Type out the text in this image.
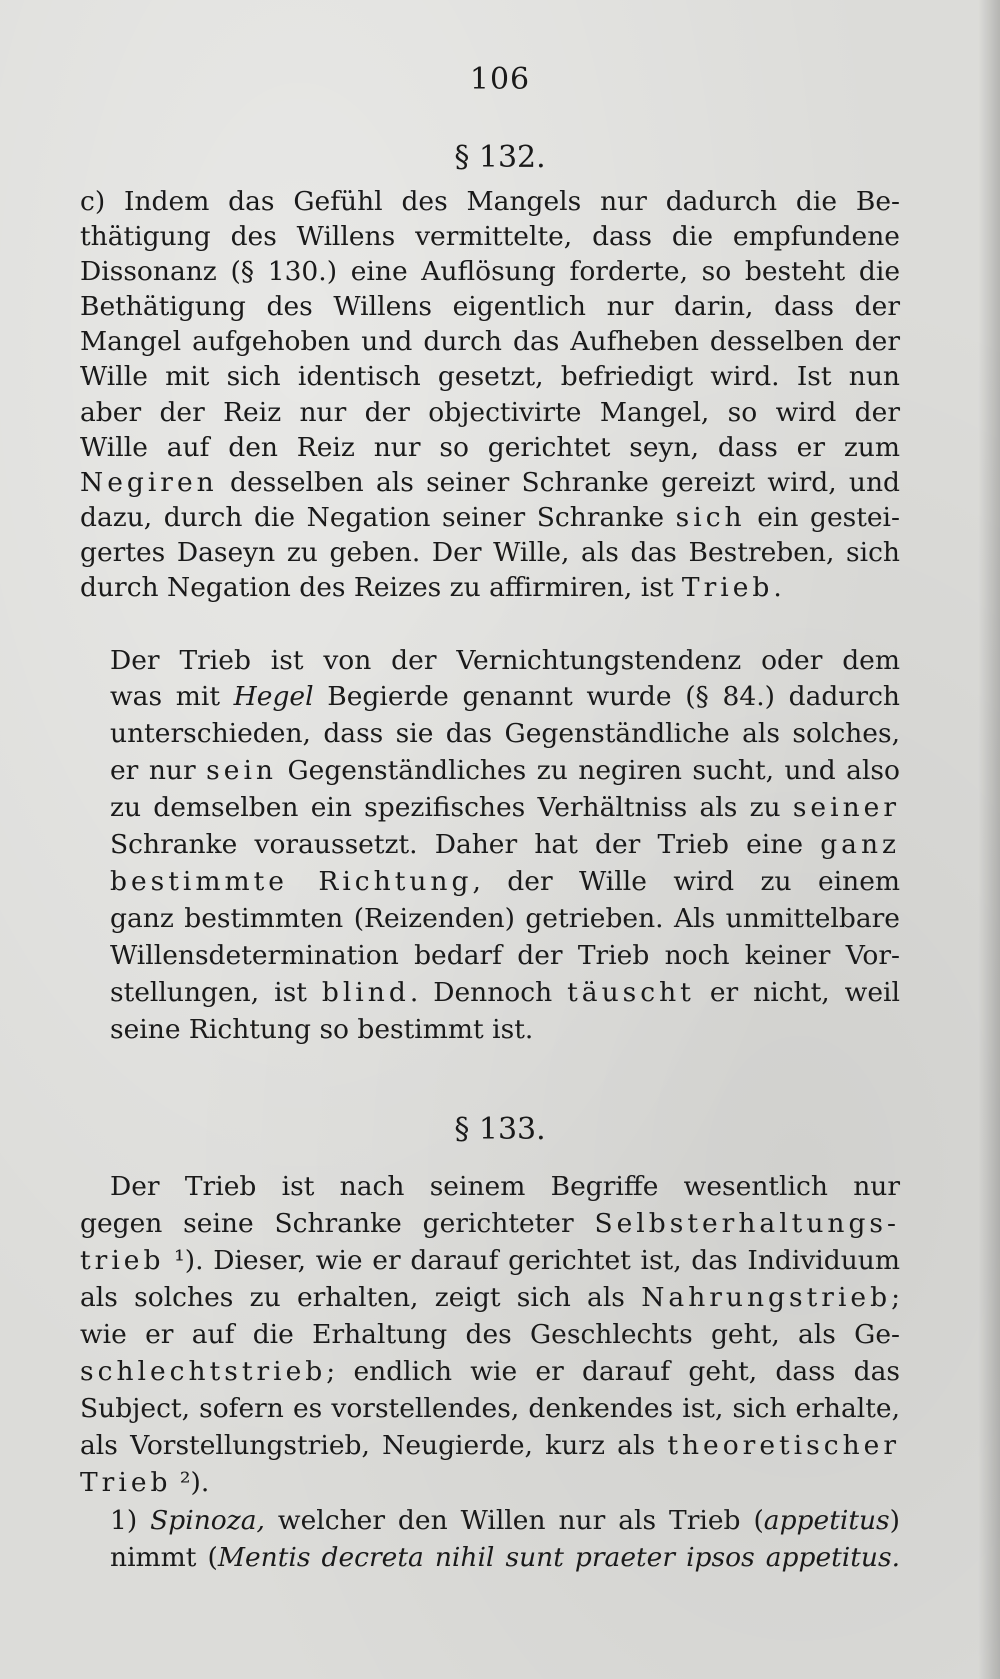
106
§ 132.
c) Indem das Gefühl des Mangels nur dadurch die Be-
thätigung des Willens vermittelte, dass die empfundene
Dissonanz (§ 130.) eine Auflösung forderte, so besteht die
Bethätigung des Willens eigentlich nur darin, dass der
Mangel aufgehoben und durch das Aufheben desselben der
Wille mit sich identisch gesetzt, befriedigt wird. Ist nun
aber der Reiz nur der objectivirte Mangel, so wird der
Wille auf den Reiz nur so gerichtet seyn, dass er zum
Negiren desselben als seiner Schranke gereizt wird, und
dazu, durch die Negation seiner Schranke sich ein gestei-
gertes Daseyn zu geben. Der Wille, als das Bestreben, sich
durch Negation des Reizes zu affirmiren, ist Trieb.
Der Trieb ist von der Vernichtungstendenz oder dem
was mit Hegel Begierde genannt wurde (§ 84.) dadurch
unterschieden, dass sie das Gegenständliche als solches,
er nur sein Gegenständliches zu negiren sucht, und also
zu demselben ein spezifisches Verhältniss als zu seiner
Schranke voraussetzt. Daher hat der Trieb eine ganz
bestimmte Richtung, der Wille wird zu einem
ganz bestimmten (Reizenden) getrieben. Als unmittelbare
Willensdetermination bedarf der Trieb noch keiner Vor-
stellungen, ist blind. Dennoch täuscht er nicht, weil
seine Richtung so bestimmt ist.
§ 133.
Der Trieb ist nach seinem Begriffe wesentlich nur
gegen seine Schranke gerichteter Selbsterhaltungs-
trieb ¹). Dieser, wie er darauf gerichtet ist, das Individuum
als solches zu erhalten, zeigt sich als Nahrungstrieb;
wie er auf die Erhaltung des Geschlechts geht, als Ge-
schlechtstrieb; endlich wie er darauf geht, dass das
Subject, sofern es vorstellendes, denkendes ist, sich erhalte,
als Vorstellungstrieb, Neugierde, kurz als theoretischer
Trieb ²).
1) Spinoza, welcher den Willen nur als Trieb (appetitus)
nimmt (Mentis decreta nihil sunt praeter ipsos appetitus.
